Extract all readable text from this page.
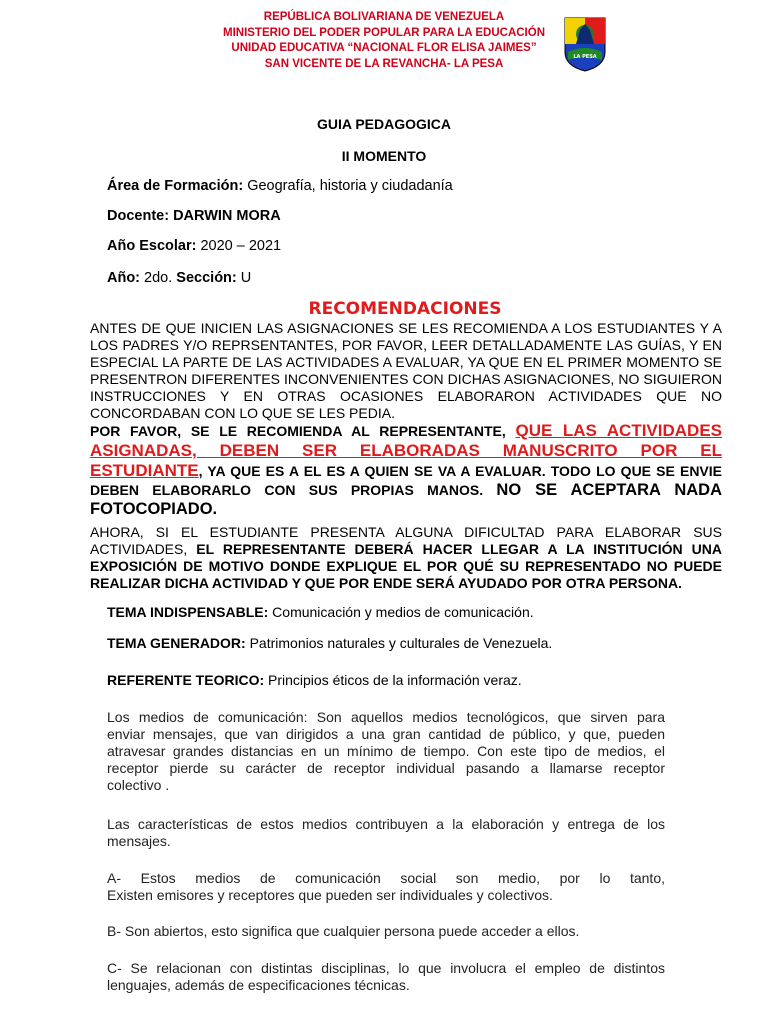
REPÚBLICA BOLIVARIANA DE VENEZUELA
MINISTERIO DEL PODER POPULAR PARA LA EDUCACIÓN
UNIDAD EDUCATIVA “NACIONAL FLOR ELISA JAIMES”
SAN VICENTE DE LA REVANCHA- LA PESA
LA PESA
GUIA PEDAGOGICA
II MOMENTO
Área de Formación: Geografía, historia y ciudadanía
Docente: DARWIN MORA
Año Escolar: 2020 – 2021
Año: 2do. Sección: U
RECOMENDACIONES
ANTES DE QUE INICIEN LAS ASIGNACIONES SE LES RECOMIENDA A LOS ESTUDIANTES Y A LOS PADRES Y/O REPRSENTANTES, POR FAVOR, LEER DETALLADAMENTE LAS GUÍAS, Y EN ESPECIAL LA PARTE DE LAS ACTIVIDADES A EVALUAR, YA QUE EN EL PRIMER MOMENTO SE PRESENTRON DIFERENTES INCONVENIENTES CON DICHAS ASIGNACIONES, NO SIGUIERON INSTRUCCIONES Y EN OTRAS OCASIONES ELABORARON ACTIVIDADES QUE NO CONCORDABAN CON LO QUE SE LES PEDIA.
POR FAVOR, SE LE RECOMIENDA AL REPRESENTANTE, QUE LAS ACTIVIDADES ASIGNADAS, DEBEN SER ELABORADAS MANUSCRITO POR EL ESTUDIANTE, YA QUE ES A EL ES A QUIEN SE VA A EVALUAR. TODO LO QUE SE ENVIE DEBEN ELABORARLO CON SUS PROPIAS MANOS. NO SE ACEPTARA NADA FOTOCOPIADO.
AHORA, SI EL ESTUDIANTE PRESENTA ALGUNA DIFICULTAD PARA ELABORAR SUS ACTIVIDADES, EL REPRESENTANTE DEBERÁ HACER LLEGAR A LA INSTITUCIÓN UNA EXPOSICIÓN DE MOTIVO DONDE EXPLIQUE EL POR QUÉ SU REPRESENTADO NO PUEDE REALIZAR DICHA ACTIVIDAD Y QUE POR ENDE SERÁ AYUDADO POR OTRA PERSONA.
TEMA INDISPENSABLE: Comunicación y medios de comunicación.
TEMA GENERADOR: Patrimonios naturales y culturales de Venezuela.
REFERENTE TEORICO: Principios éticos de la información veraz.
Los medios de comunicación: Son aquellos medios tecnológicos, que sirven para
enviar mensajes, que van dirigidos a una gran cantidad de público, y que, pueden
atravesar grandes distancias en un mínimo de tiempo. Con este tipo de medios, el
receptor pierde su carácter de receptor individual pasando a llamarse receptor
colectivo .
Las características de estos medios contribuyen a la elaboración y entrega de los
mensajes.
A- Estos medios de comunicación social son medio, por lo tanto,
Existen emisores y receptores que pueden ser individuales y colectivos.
B- Son abiertos, esto significa que cualquier persona puede acceder a ellos.
C- Se relacionan con distintas disciplinas, lo que involucra el empleo de distintos
lenguajes, además de especificaciones técnicas.
